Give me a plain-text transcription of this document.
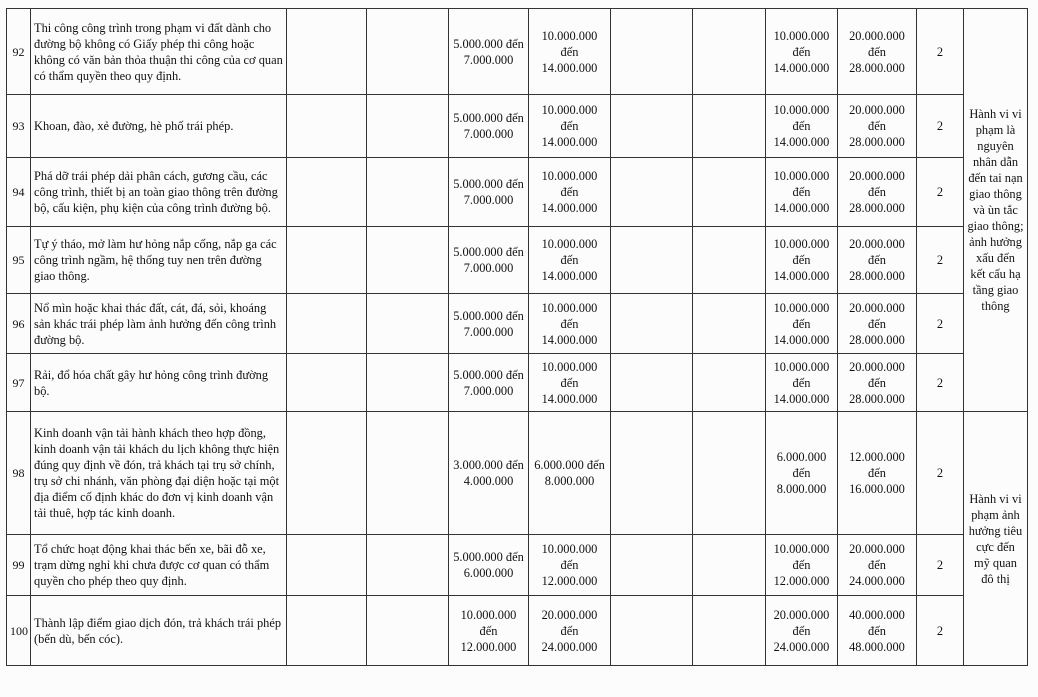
92	Thi công công trình trong phạm vi đất dành cho đường bộ không có Giấy phép thi công hoặc không có văn bản thỏa thuận thi công của cơ quan có thẩm quyền theo quy định.			5.000.000 đến 7.000.000	10.000.000 đến 14.000.000			10.000.000 đến 14.000.000	20.000.000 đến 28.000.000	2	Hành vi vi phạm là nguyên nhân dẫn đến tai nạn giao thông và ùn tắc giao thông; ảnh hưởng xấu đến kết cấu hạ tầng giao thông
93	Khoan, đào, xẻ đường, hè phố trái phép.			5.000.000 đến 7.000.000	10.000.000 đến 14.000.000			10.000.000 đến 14.000.000	20.000.000 đến 28.000.000	2	
94	Phá dỡ trái phép dải phân cách, gương cầu, các công trình, thiết bị an toàn giao thông trên đường bộ, cấu kiện, phụ kiện của công trình đường bộ.			5.000.000 đến 7.000.000	10.000.000 đến 14.000.000			10.000.000 đến 14.000.000	20.000.000 đến 28.000.000	2	
95	Tự ý tháo, mở làm hư hỏng nắp cống, nắp ga các công trình ngầm, hệ thống tuy nen trên đường giao thông.			5.000.000 đến 7.000.000	10.000.000 đến 14.000.000			10.000.000 đến 14.000.000	20.000.000 đến 28.000.000	2	
96	Nổ mìn hoặc khai thác đất, cát, đá, sỏi, khoáng sản khác trái phép làm ảnh hưởng đến công trình đường bộ.			5.000.000 đến 7.000.000	10.000.000 đến 14.000.000			10.000.000 đến 14.000.000	20.000.000 đến 28.000.000	2	
97	Rải, đổ hóa chất gây hư hỏng công trình đường bộ.			5.000.000 đến 7.000.000	10.000.000 đến 14.000.000			10.000.000 đến 14.000.000	20.000.000 đến 28.000.000	2	
98	Kinh doanh vận tải hành khách theo hợp đồng, kinh doanh vận tải khách du lịch không thực hiện đúng quy định về đón, trả khách tại trụ sở chính, trụ sở chi nhánh, văn phòng đại diện hoặc tại một địa điểm cố định khác do đơn vị kinh doanh vận tải thuê, hợp tác kinh doanh.			3.000.000 đến 4.000.000	6.000.000 đến 8.000.000			6.000.000 đến 8.000.000	12.000.000 đến 16.000.000	2	Hành vi vi phạm ảnh hưởng tiêu cực đến mỹ quan đô thị
99	Tổ chức hoạt động khai thác bến xe, bãi đỗ xe, trạm dừng nghỉ khi chưa được cơ quan có thẩm quyền cho phép theo quy định.			5.000.000 đến 6.000.000	10.000.000 đến 12.000.000			10.000.000 đến 12.000.000	20.000.000 đến 24.000.000	2	
100	Thành lập điểm giao dịch đón, trả khách trái phép (bến dù, bến cóc).			10.000.000 đến 12.000.000	20.000.000 đến 24.000.000			20.000.000 đến 24.000.000	40.000.000 đến 48.000.000	2	
